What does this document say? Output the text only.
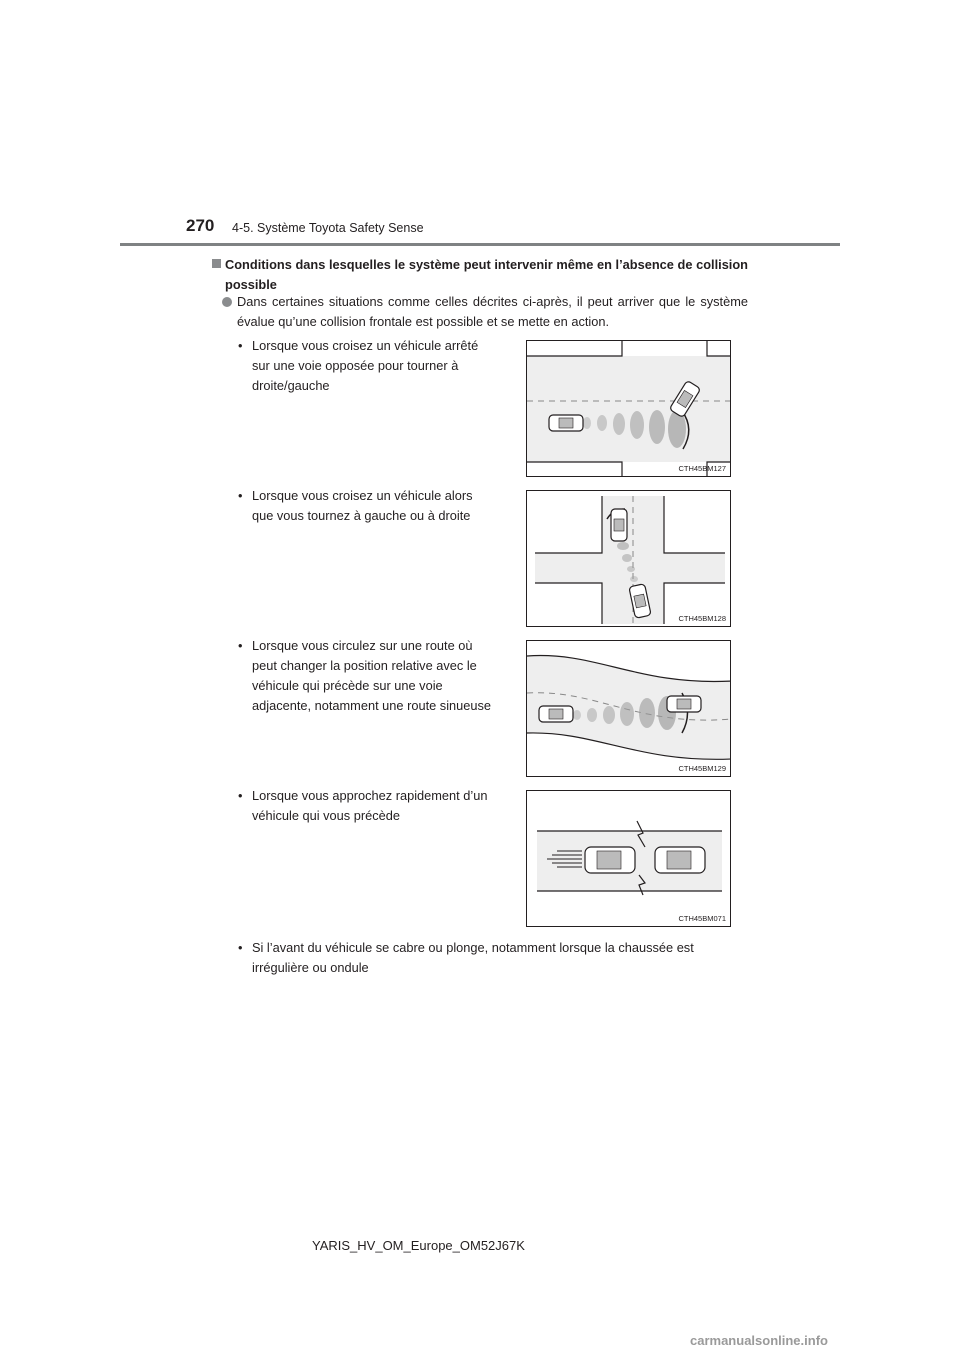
270 4-5. Système Toyota Safety Sense
Conditions dans lesquelles le système peut intervenir même en l’absence de collision possible
Dans certaines situations comme celles décrites ci-après, il peut arriver que le système évalue qu’une collision frontale est possible et se mette en action.
• Lorsque vous croisez un véhicule arrêté
sur une voie opposée pour tourner à
droite/gauche
CTH45BM127
• Lorsque vous croisez un véhicule alors
que vous tournez à gauche ou à droite
CTH45BM128
• Lorsque vous circulez sur une route où
peut changer la position relative avec le
véhicule qui précède sur une voie
adjacente, notamment une route sinueuse
CTH45BM129
• Lorsque vous approchez rapidement d’un
véhicule qui vous précède
CTH45BM071
• Si l’avant du véhicule se cabre ou plonge, notamment lorsque la chaussée est
irrégulière ou ondule
YARIS_HV_OM_Europe_OM52J67K
carmanualsonline.info
